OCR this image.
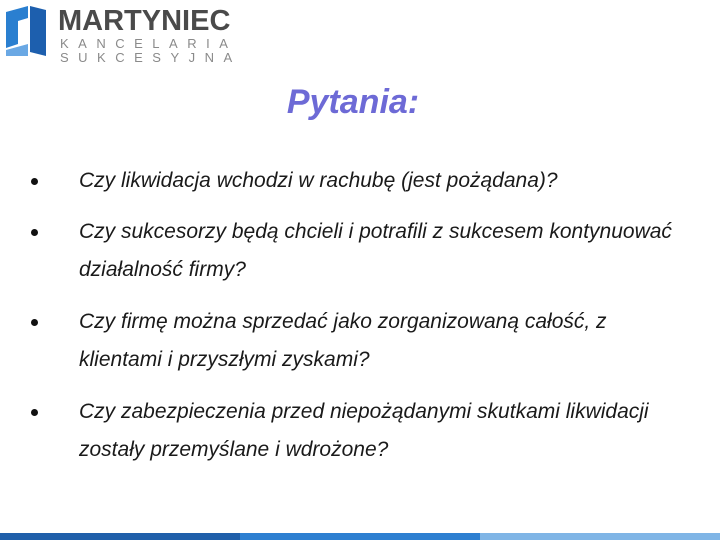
MARTYNIEC
KANCELARIA
SUKCESYJNA
Pytania:
Czy likwidacja wchodzi w rachubę (jest pożądana)?
Czy sukcesorzy będą chcieli i potrafili z sukcesem kontynuować działalność firmy?
Czy firmę można sprzedać jako zorganizowaną całość, z klientami i przyszłymi zyskami?
Czy zabezpieczenia przed niepożądanymi skutkami likwidacji zostały przemyślane i wdrożone?
